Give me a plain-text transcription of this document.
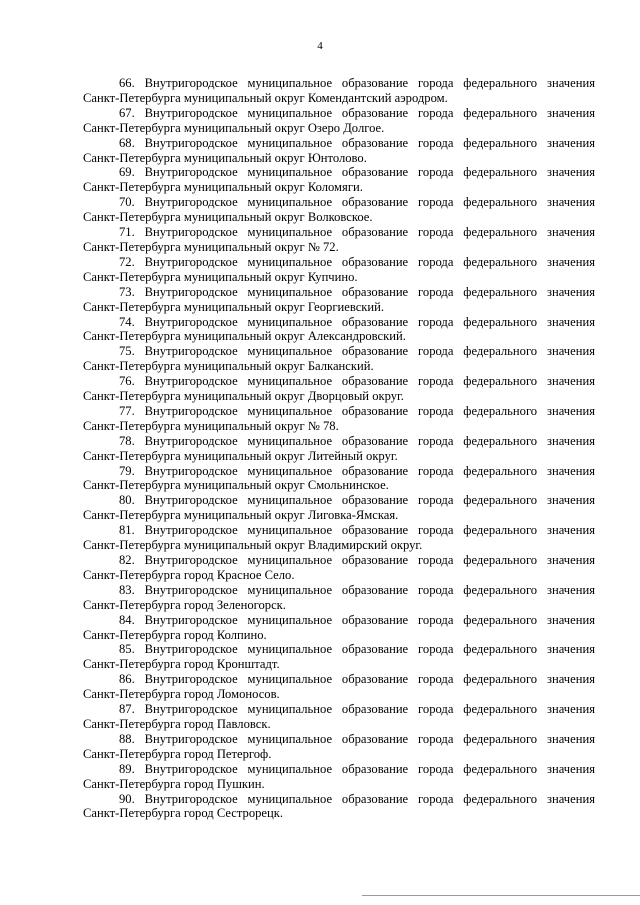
4

66. Внутригородское муниципальное образование города федерального значения
Санкт-Петербурга муниципальный округ Комендантский аэродром.

67. Внутригородское муниципальное образование города федерального значения
Санкт-Петербурга муниципальный округ Озеро Долгое.

68. Внутригородское муниципальное образование города федерального значения
Санкт-Петербурга муниципальный округ Юнтолово.

69. Внутригородское муниципальное образование города федерального значения
Санкт-Петербурга муниципальный округ Коломяги.

70. Внутригородское муниципальное образование города федерального значения
Санкт-Петербурга муниципальный округ Волковское.

71. Внутригородское муниципальное образование города федерального значения
Санкт-Петербурга муниципальный округ № 72.

72. Внутригородское муниципальное образование города федерального значения
Санкт-Петербурга муниципальный округ Купчино.

73. Внутригородское муниципальное образование города федерального значения
Санкт-Петербурга муниципальный округ Георгиевский.

74. Внутригородское муниципальное образование города федерального значения
Санкт-Петербурга муниципальный округ Александровский.

75. Внутригородское муниципальное образование города федерального значения
Санкт-Петербурга муниципальный округ Балканский.

76. Внутригородское муниципальное образование города федерального значения
Санкт-Петербурга муниципальный округ Дворцовый округ.

77. Внутригородское муниципальное образование города федерального значения
Санкт-Петербурга муниципальный округ № 78.

78. Внутригородское муниципальное образование города федерального значения
Санкт-Петербурга муниципальный округ Литейный округ.

79. Внутригородское муниципальное образование города федерального значения
Санкт-Петербурга муниципальный округ Смольнинское.

80. Внутригородское муниципальное образование города федерального значения
Санкт-Петербурга муниципальный округ Лиговка-Ямская.

81. Внутригородское муниципальное образование города федерального значения
Санкт-Петербурга муниципальный округ Владимирский округ.

82. Внутригородское муниципальное образование города федерального значения
Санкт-Петербурга город Красное Село.

83. Внутригородское муниципальное образование города федерального значения
Санкт-Петербурга город Зеленогорск.

84. Внутригородское муниципальное образование города федерального значения
Санкт-Петербурга город Колпино.

85. Внутригородское муниципальное образование города федерального значения
Санкт-Петербурга город Кронштадт.

86. Внутригородское муниципальное образование города федерального значения
Санкт-Петербурга город Ломоносов.

87. Внутригородское муниципальное образование города федерального значения
Санкт-Петербурга город Павловск.

88. Внутригородское муниципальное образование города федерального значения
Санкт-Петербурга город Петергоф.

89. Внутригородское муниципальное образование города федерального значения
Санкт-Петербурга город Пушкин.

90. Внутригородское муниципальное образование города федерального значения
Санкт-Петербурга город Сестрорецк.
